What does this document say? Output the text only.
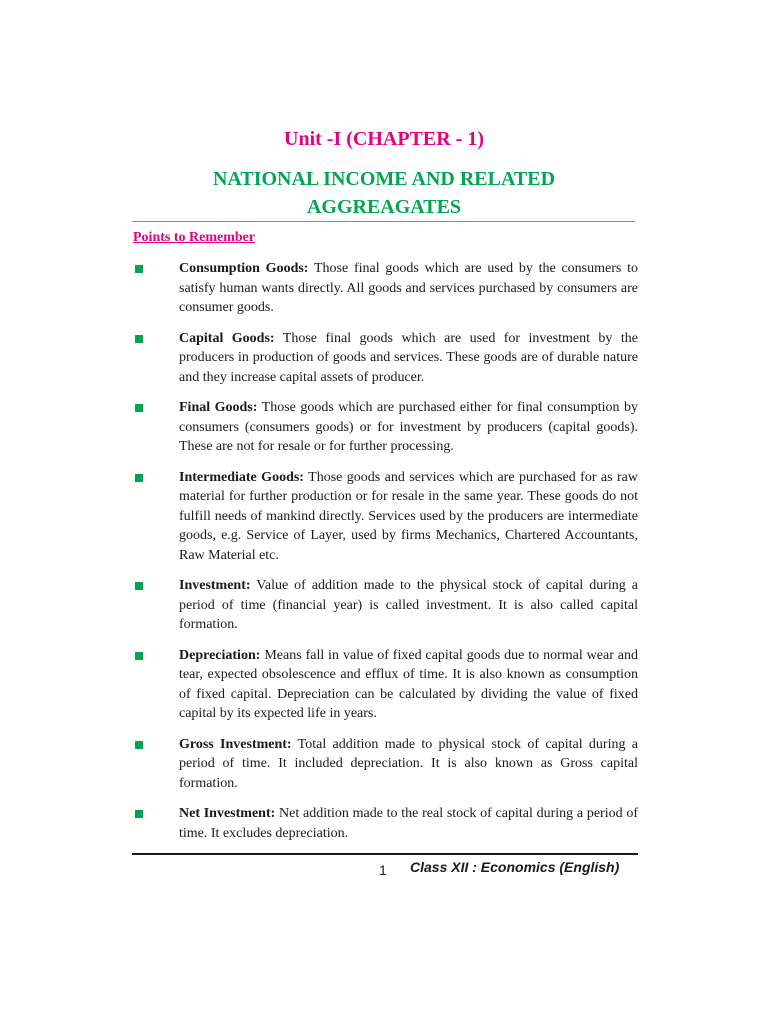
Unit -I (CHAPTER - 1)
NATIONAL INCOME AND RELATED AGGREAGATES
Points to Remember
Consumption Goods: Those final goods which are used by the consumers to satisfy human wants directly. All goods and services purchased by consumers are consumer goods.
Capital Goods: Those final goods which are used for investment by the producers in production of goods and services. These goods are of durable nature and they increase capital assets of producer.
Final Goods: Those goods which are purchased either for final consumption by consumers (consumers goods) or for investment by producers (capital goods). These are not for resale or for further processing.
Intermediate Goods: Those goods and services which are purchased for as raw material for further production or for resale in the same year. These goods do not fulfill needs of mankind directly. Services used by the producers are intermediate goods, e.g. Service of Layer, used by firms Mechanics, Chartered Accountants, Raw Material etc.
Investment: Value of addition made to the physical stock of capital during a period of time (financial year) is called investment. It is also called capital formation.
Depreciation: Means fall in value of fixed capital goods due to normal wear and tear, expected obsolescence and efflux of time. It is also known as consumption of fixed capital. Depreciation can be calculated by dividing the value of fixed capital by its expected life in years.
Gross Investment: Total addition made to physical stock of capital during a period of time. It included depreciation. It is also known as Gross capital formation.
Net Investment: Net addition made to the real stock of capital during a period of time. It excludes depreciation.
1 Class XII : Economics (English)
